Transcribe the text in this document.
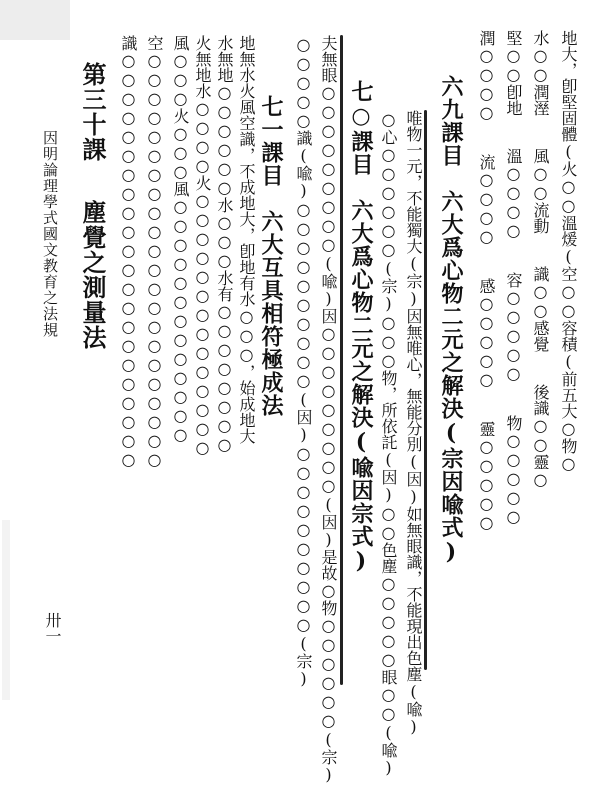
地大，卽堅固體(火○○溫煖(空○○容積(前五大○物○
水○○潤溼　　風○○流動　　識○○感覺　　後識○○靈○
堅○○卽地　　溫○○○○　　容○○○○○　　物○○○○○
潤○○○○　　流○○○○　　感○○○○○　　靈○○○○○
六九課目　六大爲心物二元之解決(宗因喩式)
唯物一元，不能獨大(宗)因無唯心，無能分別(因)如無眼識，不能現出色塵(喩)
○心○○○○○○(宗)○○○物，所依託(因)○○色塵○○○○○眼○○(喩)
七○課目　六大爲心物二元之解決(喩因宗式)
夫無眼○○○○○○○○○(喩)因○○○○○○○○○(因)是故○物○○○○○○(宗)
○○○○○識(喩)○○○○○○○○○○(因)○○○○○○○○○○(宗)
七一課目　六大互具相符極成法
地無水火風空識，不成地大，卽地有水○○○，始成地大
水無地○○○○○○水○○○水有○○○○○○○○
火無地水○○○○火○○○○○○○○○○○○○○
風○○○火○○○風○○○○○○○○○○○○○
空○○○○○○○○○○○○○○○○○○○○○○
識○○○○○○○○○○○○○○○○○○○○○○
第三十課
塵覺之測量法
因明論理學式國文教育之法規
卅一
